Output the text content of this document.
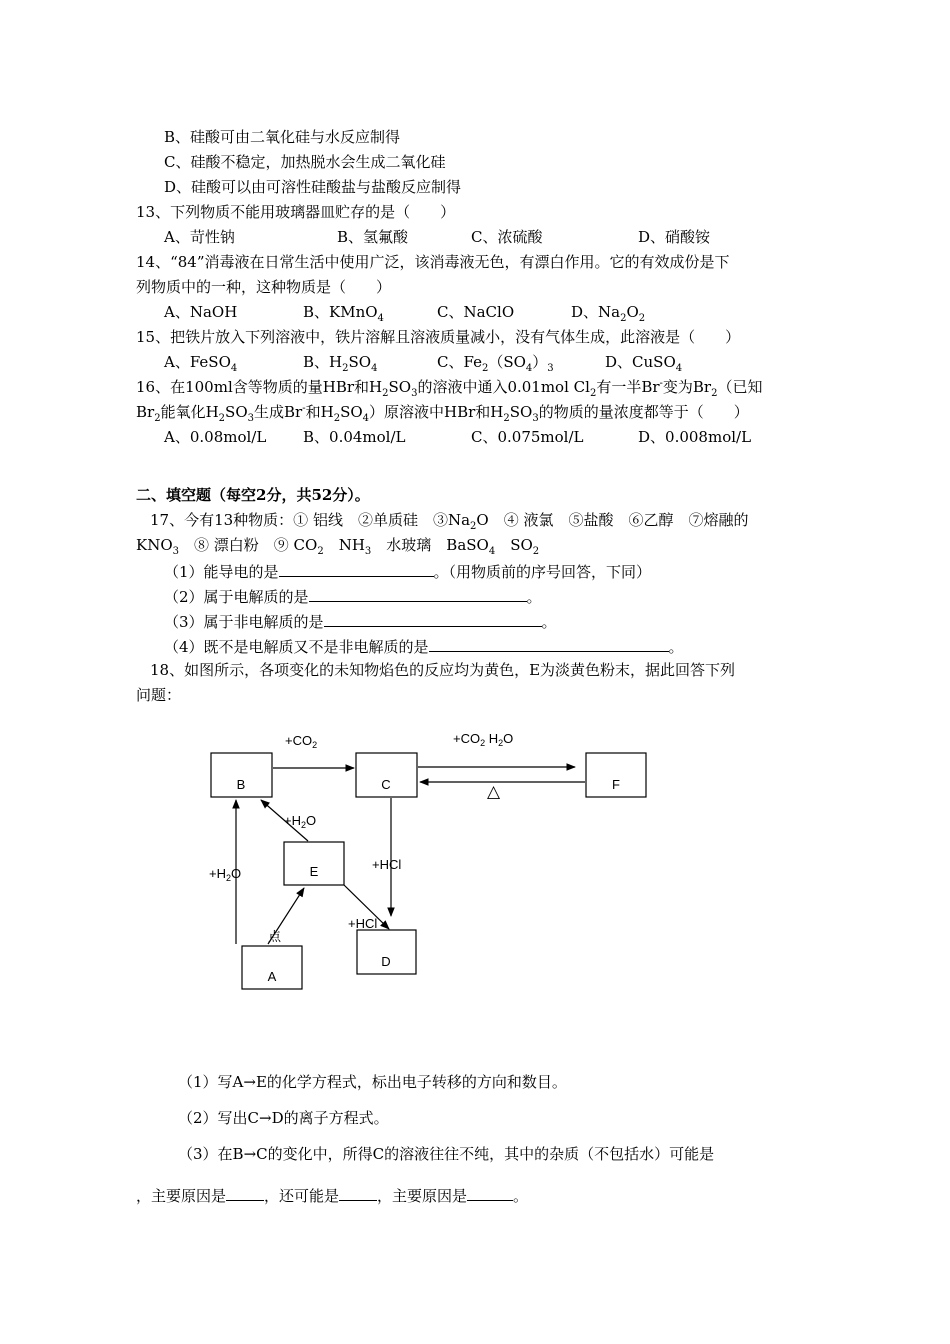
B、硅酸可由二氧化硅与水反应制得
C、硅酸不稳定，加热脱水会生成二氧化硅
D、硅酸可以由可溶性硅酸盐与盐酸反应制得
13、下列物质不能用玻璃器皿贮存的是（　　）
A、苛性钠	B、氢氟酸	C、浓硫酸	D、硝酸铵
14、“84”消毒液在日常生活中使用广泛，该消毒液无色，有漂白作用。它的有效成份是下
列物质中的一种，这种物质是（　　）
A、NaOH	B、KMnO$_4$	C、NaClO	D、$Na_2O_2$
15、把铁片放入下列溶液中，铁片溶解且溶液质量减小，没有气体生成，此溶液是（　　）
A、FeSO$_4$	B、$H_2SO_4$	C、$Fe_2(SO_4)_3$	D、CuSO$_4$
16、在100ml含等物质的量HBr和$H_2SO_3$的溶液中通入0.01mol $Cl_2$有一半Br-变为$Br_2$（已知
$Br_2$能氧化$H_2SO_3$生成Br-和$H_2SO_4$）原溶液中HBr和$H_2SO_3$的物质的量浓度都等于（　　）
A、0.08mol/L B、0.04mol/L	C、0.075mol/L	D、0.008mol/L
二、填空题（每空2分，共52分）。
17、今有13种物质：① 铝线　②单质硅　$③Na_2O$　④ 液氯　⑤盐酸　⑥乙醇　⑦熔融的
$KNO_3$　⑧ 漂白粉　⑨ $CO_2$　$NH_3$　水玻璃　BaSO$_4$　$SO_2$
（1）能导电的是	。（用物质前的序号回答，下同）
（2）属于电解质的是	。
（3）属于非电解质的是	。
（4）既不是电解质又不是非电解质的是	。
18、如图所示，各项变化的未知物焰色的反应均为黄色，E为淡黄色粉末，据此回答下列
问题：
B	C	F
E
D
A
$+CO_2$	$+CO_2$ $H_2O$
$+H_2O$
$+H_2O$
+HCl
+HCl
点
△
（1）写A→E的化学方程式，标出电子转移的方向和数目。
（2）写出C→D的离子方程式。
（3）在B→C的变化中，所得C的溶液往往不纯，其中的杂质（不包括水）可能是
，主要原因是	，还可能是	，主要原因是	。
